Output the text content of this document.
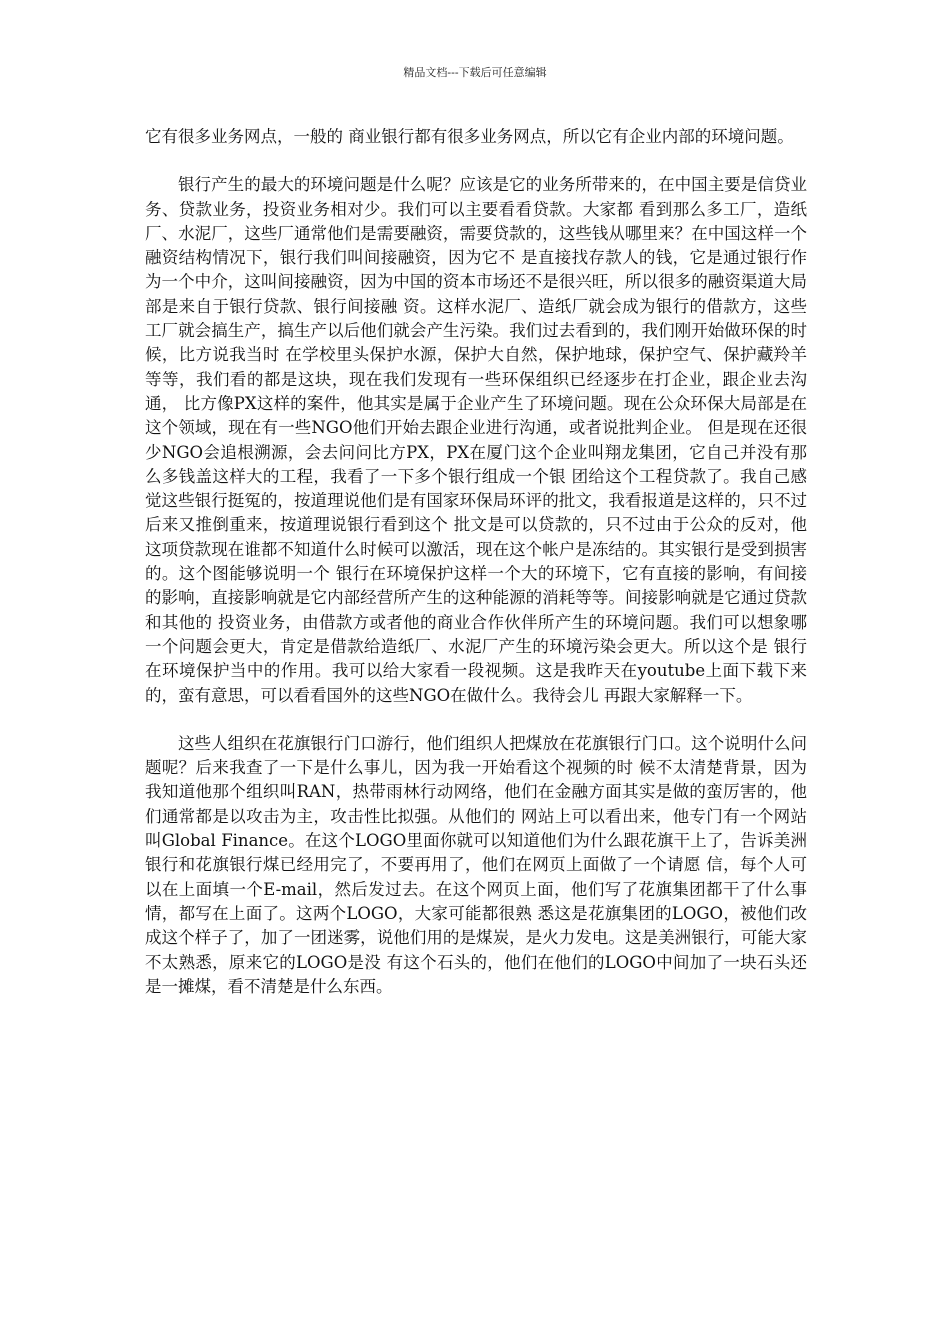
精品文档---下载后可任意编辑

它有很多业务网点，一般的 商业银行都有很多业务网点，所以它有企业内部的环境问题。

银行产生的最大的环境问题是什么呢？应该是它的业务所带来的，在中国主要是信贷业务、贷款业务，投资业务相对少。我们可以主要看看贷款。大家都 看到那么多工厂，造纸厂、水泥厂，这些厂通常他们是需要融资，需要贷款的，这些钱从哪里来？在中国这样一个融资结构情况下，银行我们叫间接融资，因为它不 是直接找存款人的钱，它是通过银行作为一个中介，这叫间接融资，因为中国的资本市场还不是很兴旺，所以很多的融资渠道大局部是来自于银行贷款、银行间接融 资。这样水泥厂、造纸厂就会成为银行的借款方，这些工厂就会搞生产，搞生产以后他们就会产生污染。我们过去看到的，我们刚开始做环保的时候，比方说我当时 在学校里头保护水源，保护大自然，保护地球，保护空气、保护藏羚羊等等，我们看的都是这块，现在我们发现有一些环保组织已经逐步在打企业，跟企业去沟通， 比方像PX这样的案件，他其实是属于企业产生了环境问题。现在公众环保大局部是在这个领域，现在有一些NGO他们开始去跟企业进行沟通，或者说批判企业。 但是现在还很少NGO会追根溯源，会去问问比方PX，PX在厦门这个企业叫翔龙集团，它自己并没有那么多钱盖这样大的工程，我看了一下多个银行组成一个银 团给这个工程贷款了。我自己感觉这些银行挺冤的，按道理说他们是有国家环保局环评的批文，我看报道是这样的，只不过后来又推倒重来，按道理说银行看到这个 批文是可以贷款的，只不过由于公众的反对，他这项贷款现在谁都不知道什么时候可以激活，现在这个帐户是冻结的。其实银行是受到损害的。这个图能够说明一个 银行在环境保护这样一个大的环境下，它有直接的影响，有间接的影响，直接影响就是它内部经营所产生的这种能源的消耗等等。间接影响就是它通过贷款和其他的 投资业务，由借款方或者他的商业合作伙伴所产生的环境问题。我们可以想象哪一个问题会更大，肯定是借款给造纸厂、水泥厂产生的环境污染会更大。所以这个是 银行在环境保护当中的作用。我可以给大家看一段视频。这是我昨天在youtube上面下载下来的，蛮有意思，可以看看国外的这些NGO在做什么。我待会儿 再跟大家解释一下。

这些人组织在花旗银行门口游行，他们组织人把煤放在花旗银行门口。这个说明什么问题呢？后来我查了一下是什么事儿，因为我一开始看这个视频的时 候不太清楚背景，因为我知道他那个组织叫RAN，热带雨林行动网络，他们在金融方面其实是做的蛮厉害的，他们通常都是以攻击为主，攻击性比拟强。从他们的 网站上可以看出来，他专门有一个网站叫Global Finance。在这个LOGO里面你就可以知道他们为什么跟花旗干上了，告诉美洲银行和花旗银行煤已经用完了，不要再用了，他们在网页上面做了一个请愿 信，每个人可以在上面填一个E-mail，然后发过去。在这个网页上面，他们写了花旗集团都干了什么事情，都写在上面了。这两个LOGO，大家可能都很熟 悉这是花旗集团的LOGO，被他们改成这个样子了，加了一团迷雾，说他们用的是煤炭，是火力发电。这是美洲银行，可能大家不太熟悉，原来它的LOGO是没 有这个石头的，他们在他们的LOGO中间加了一块石头还是一摊煤，看不清楚是什么东西。
